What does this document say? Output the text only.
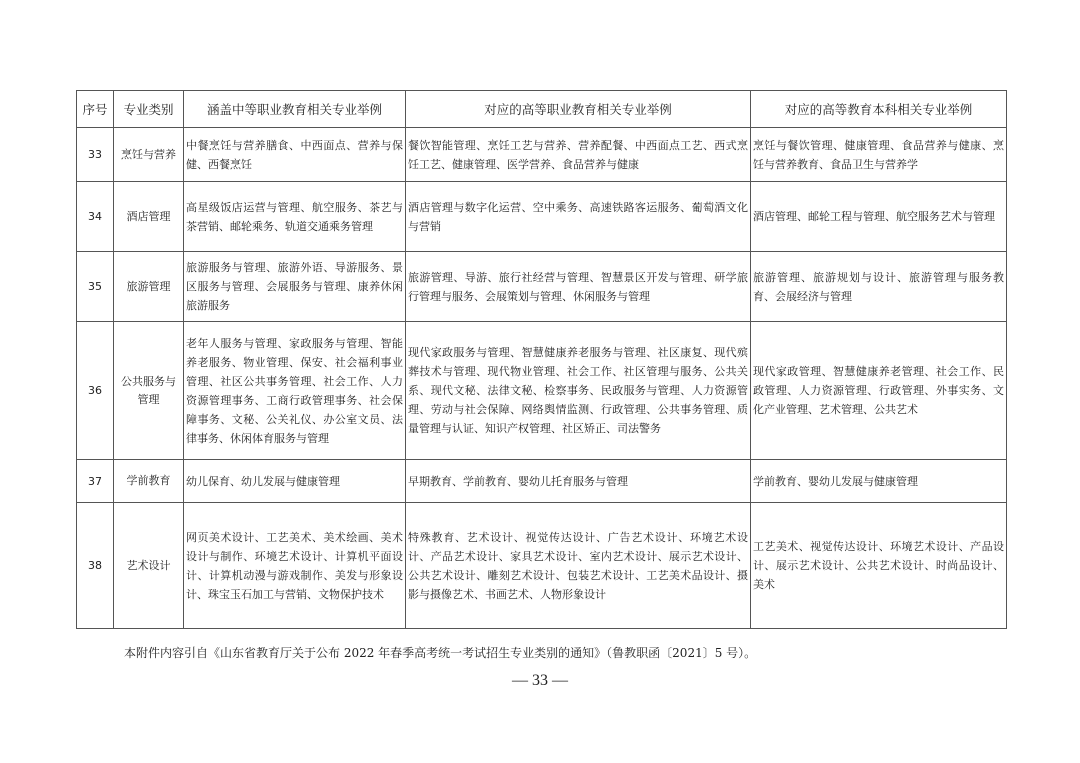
序号	专业类别	涵盖中等职业教育相关专业举例	对应的高等职业教育相关专业举例	对应的高等教育本科相关专业举例
33	烹饪与营养	中餐烹饪与营养膳食、中西面点、营养与保健、西餐烹饪	餐饮智能管理、烹饪工艺与营养、营养配餐、中西面点工艺、西式烹饪工艺、健康管理、医学营养、食品营养与健康	烹饪与餐饮管理、健康管理、食品营养与健康、烹饪与营养教育、食品卫生与营养学
34	酒店管理	高星级饭店运营与管理、航空服务、茶艺与茶营销、邮轮乘务、轨道交通乘务管理	酒店管理与数字化运营、空中乘务、高速铁路客运服务、葡萄酒文化与营销	酒店管理、邮轮工程与管理、航空服务艺术与管理
35	旅游管理	旅游服务与管理、旅游外语、导游服务、景区服务与管理、会展服务与管理、康养休闲旅游服务	旅游管理、导游、旅行社经营与管理、智慧景区开发与管理、研学旅行管理与服务、会展策划与管理、休闲服务与管理	旅游管理、旅游规划与设计、旅游管理与服务教育、会展经济与管理
36	公共服务与管理	老年人服务与管理、家政服务与管理、智能养老服务、物业管理、保安、社会福利事业管理、社区公共事务管理、社会工作、人力资源管理事务、工商行政管理事务、社会保障事务、文秘、公关礼仪、办公室文员、法律事务、休闲体育服务与管理	现代家政服务与管理、智慧健康养老服务与管理、社区康复、现代殡葬技术与管理、现代物业管理、社会工作、社区管理与服务、公共关系、现代文秘、法律文秘、检察事务、民政服务与管理、人力资源管理、劳动与社会保障、网络舆情监测、行政管理、公共事务管理、质量管理与认证、知识产权管理、社区矫正、司法警务	现代家政管理、智慧健康养老管理、社会工作、民政管理、人力资源管理、行政管理、外事实务、文化产业管理、艺术管理、公共艺术
37	学前教育	幼儿保育、幼儿发展与健康管理	早期教育、学前教育、婴幼儿托育服务与管理	学前教育、婴幼儿发展与健康管理
38	艺术设计	网页美术设计、工艺美术、美术绘画、美术设计与制作、环境艺术设计、计算机平面设计、计算机动漫与游戏制作、美发与形象设计、珠宝玉石加工与营销、文物保护技术	特殊教育、艺术设计、视觉传达设计、广告艺术设计、环境艺术设计、产品艺术设计、家具艺术设计、室内艺术设计、展示艺术设计、公共艺术设计、雕刻艺术设计、包装艺术设计、工艺美术品设计、摄影与摄像艺术、书画艺术、人物形象设计	工艺美术、视觉传达设计、环境艺术设计、产品设计、展示艺术设计、公共艺术设计、时尚品设计、美术
本附件内容引自《山东省教育厅关于公布 2022 年春季高考统一考试招生专业类别的通知》（鲁教职函〔2021〕5 号）。
— 33 —
